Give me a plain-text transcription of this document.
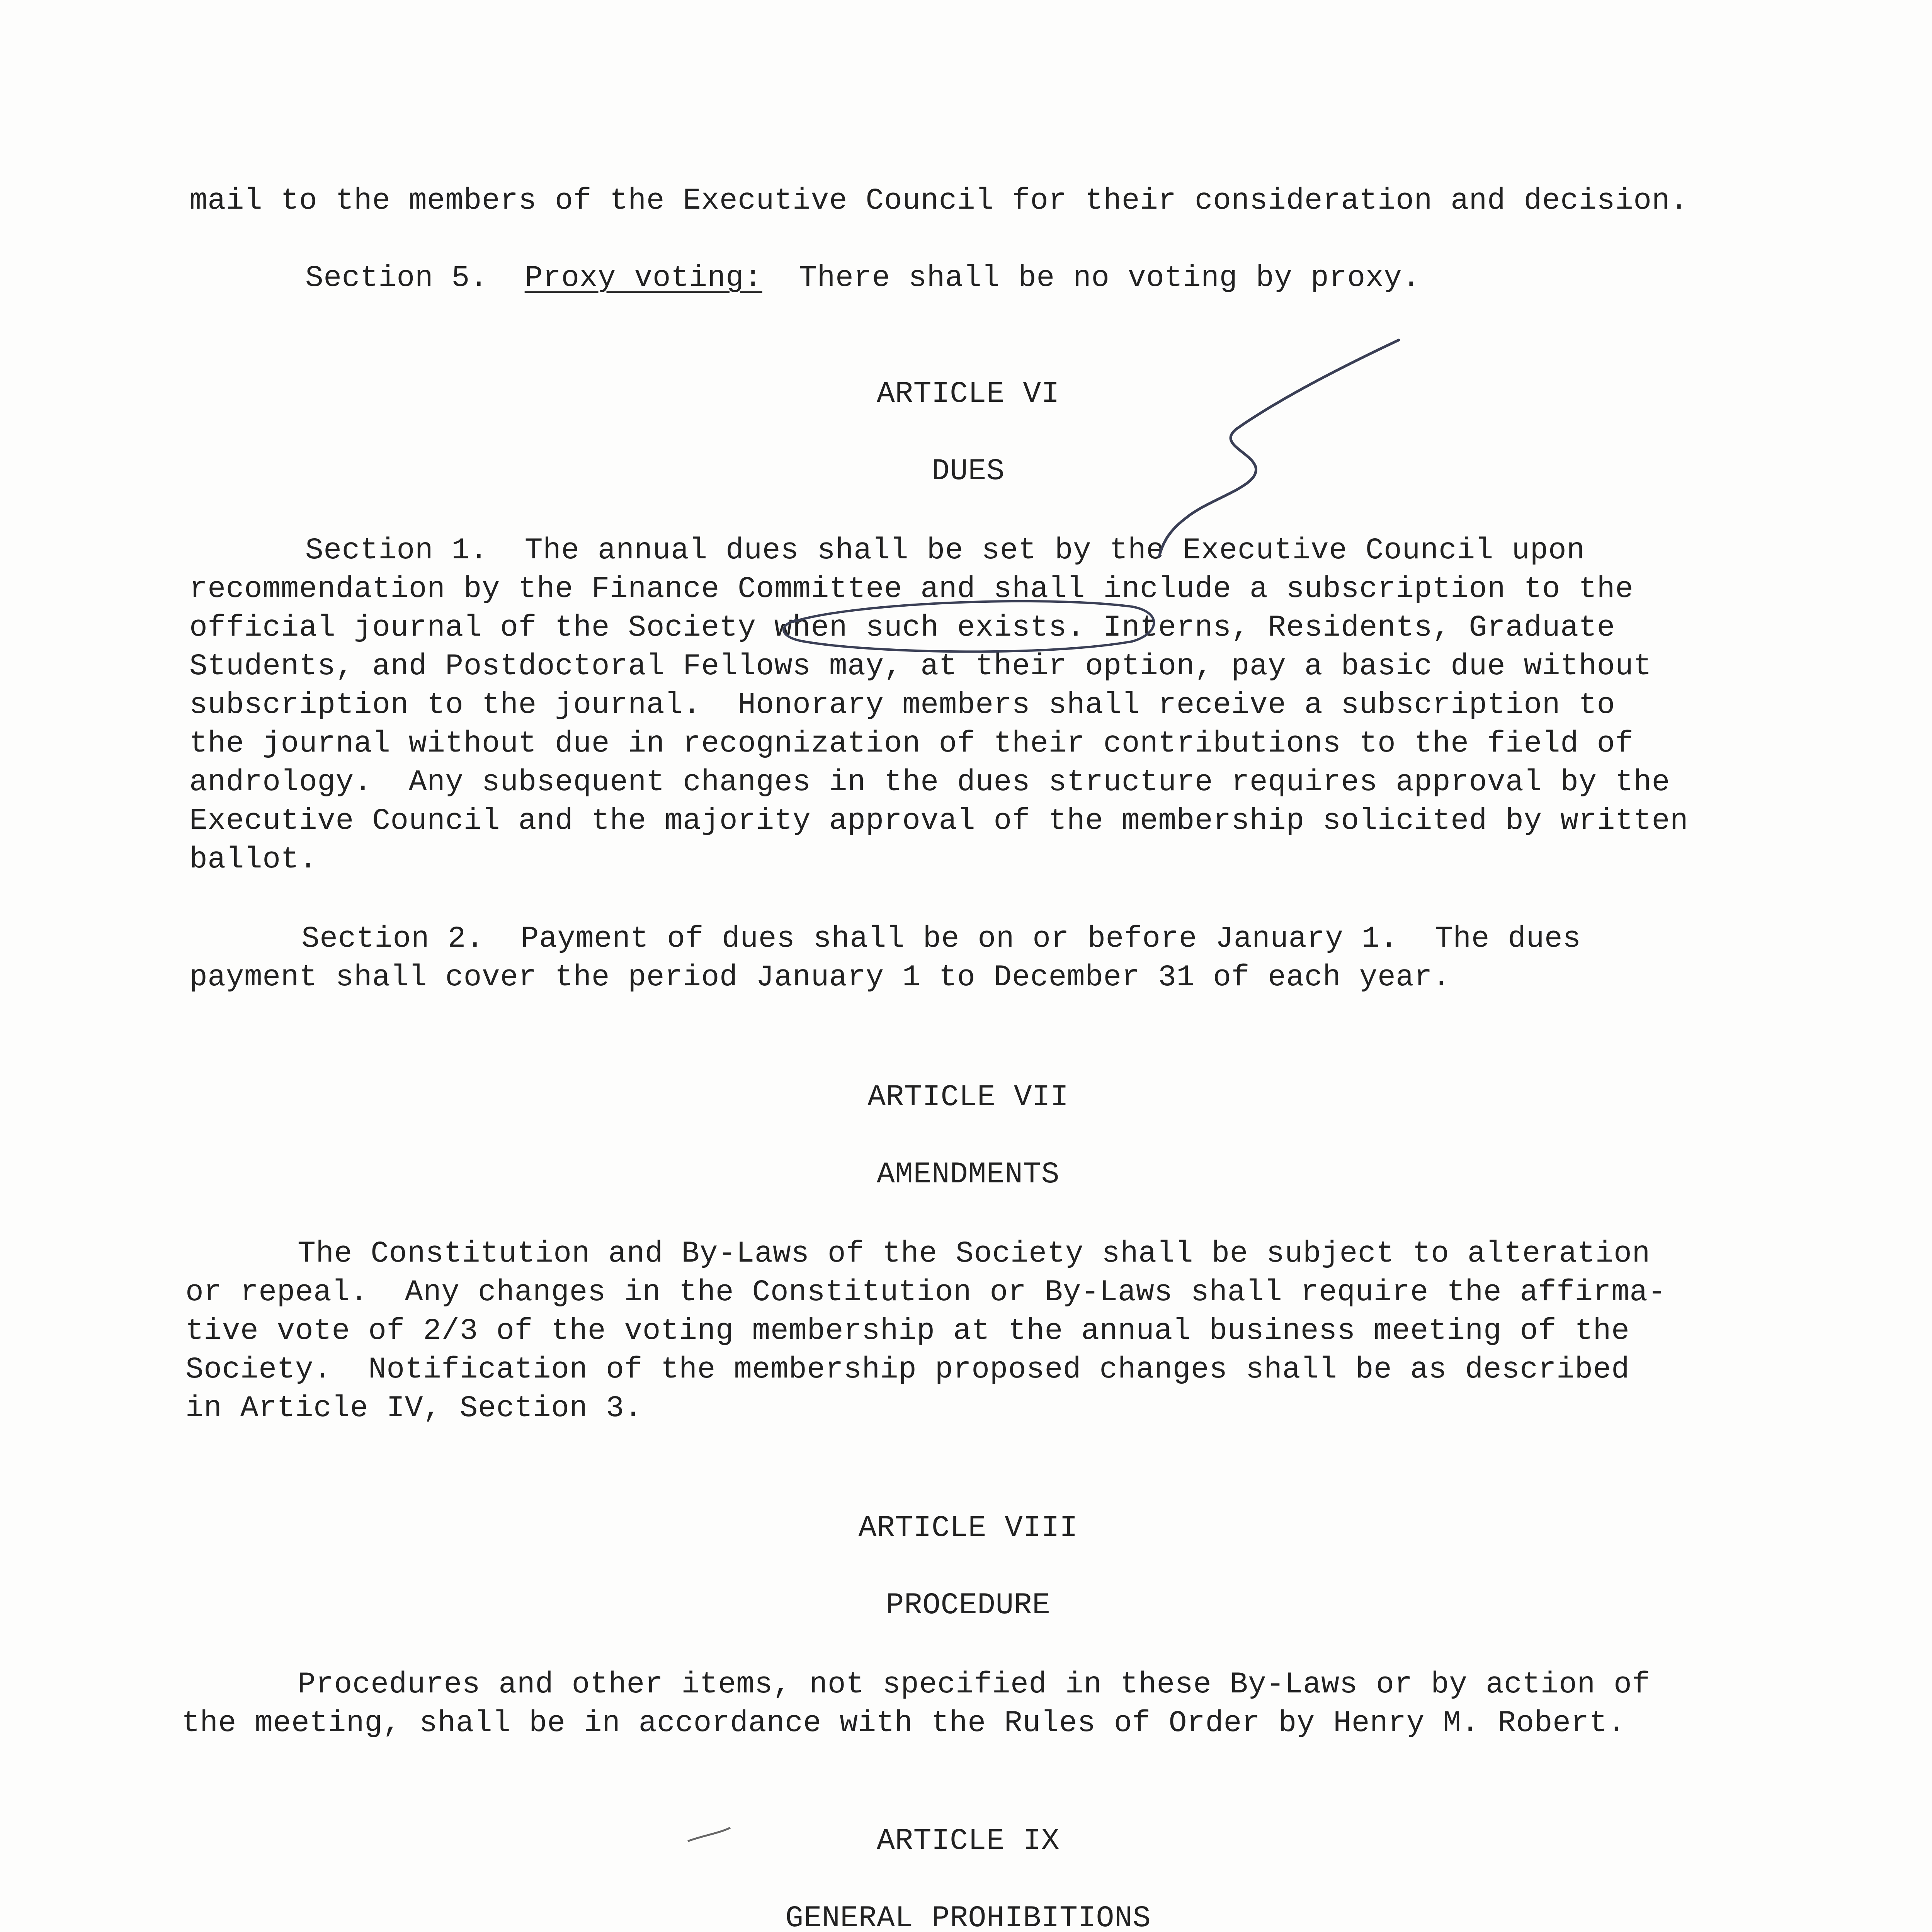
mail to the members of the Executive Council for their consideration and decision.
Section 5. Proxy voting: There shall be no voting by proxy.
ARTICLE VI
DUES
Section 1.  The annual dues shall be set by the Executive Council upon
recommendation by the Finance Committee and shall include a subscription to the
official journal of the Society when such exists. Interns, Residents, Graduate
Students, and Postdoctoral Fellows may, at their option, pay a basic due without
subscription to the journal.  Honorary members shall receive a subscription to
the journal without due in recognization of their contributions to the field of
andrology.  Any subsequent changes in the dues structure requires approval by the
Executive Council and the majority approval of the membership solicited by written
ballot.
Section 2.  Payment of dues shall be on or before January 1.  The dues
payment shall cover the period January 1 to December 31 of each year.
ARTICLE VII
AMENDMENTS
The Constitution and By-Laws of the Society shall be subject to alteration
or repeal.  Any changes in the Constitution or By-Laws shall require the affirma-
tive vote of 2/3 of the voting membership at the annual business meeting of the
Society.  Notification of the membership proposed changes shall be as described
in Article IV, Section 3.
ARTICLE VIII
PROCEDURE
Procedures and other items, not specified in these By-Laws or by action of
the meeting, shall be in accordance with the Rules of Order by Henry M. Robert.
ARTICLE IX
GENERAL PROHIBITIONS
